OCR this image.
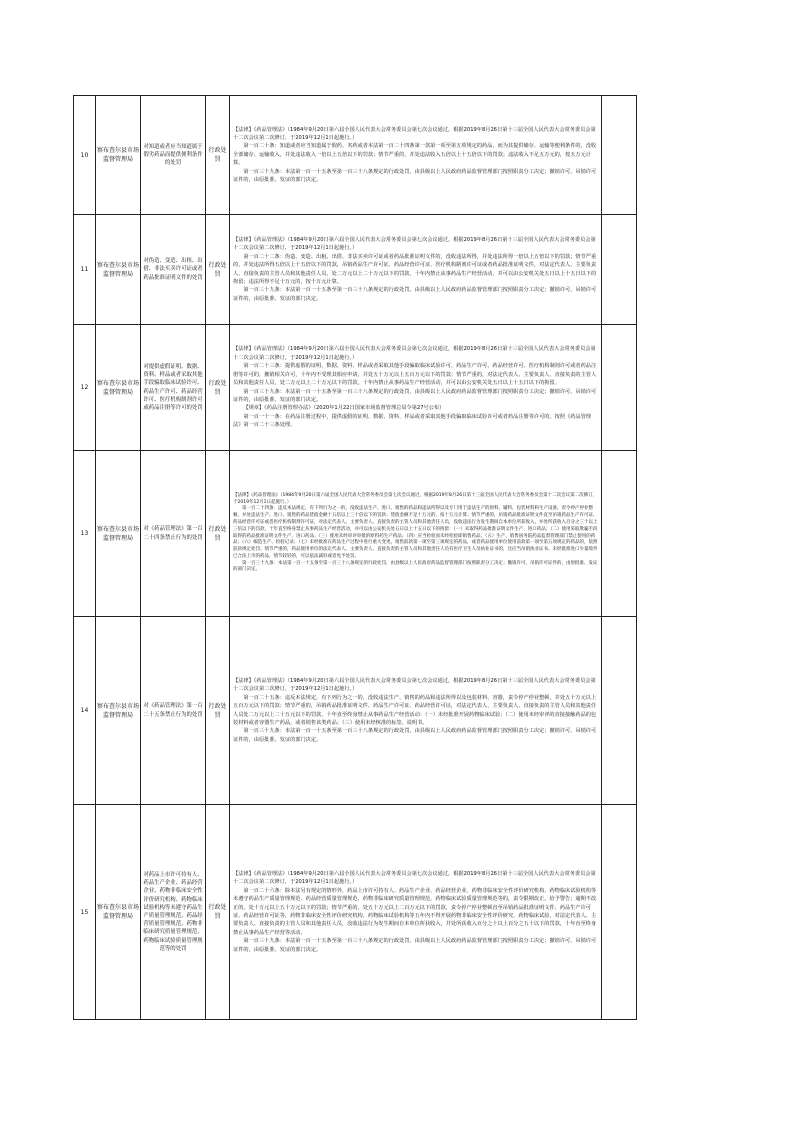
10	察布查尔县市场监督管理局	对知道或者应当知道属于假劣药品而提供便利条件的处罚	行政处罚	【法律】《药品管理法》（1984年9月20日第六届全国人民代表大会常务委员会第七次会议通过，根据2019年8月26日第十三届全国人民代表大会常务委员会第十二次会议第二次修订，于2019年12月1日起施行。）

第一百二十条：知道或者应当知道属于假药、劣药或者本法第一百二十四条第一款第一项至第五项规定的药品，而为其提供储存、运输等便利条件的，没收全部储存、运输收入，并处违法收入一倍以上五倍以下的罚款；情节严重的，并处违法收入五倍以上十五倍以下的罚款；违法收入不足五万元的，按五万元计算。

第一百三十九条：本法第一百一十五条至第一百三十八条规定的行政处罚，由县级以上人民政府药品监督管理部门按照职责分工决定；撤销许可、吊销许可证件的，由原批准、发证的部门决定。	

11	察布查尔县市场监督管理局	对伪造、变造、出租、出借、非法买卖许可证或者药品批准证明文件的处罚	行政处罚	【法律】《药品管理法》（1984年9月20日第六届全国人民代表大会常务委员会第七次会议通过，根据2019年8月26日第十三届全国人民代表大会常务委员会第十二次会议第二次修订，于2019年12月1日起施行。）

第一百二十二条：伪造、变造、出租、出借、非法买卖许可证或者药品批准证明文件的，没收违法所得，并处违法所得一倍以上五倍以下的罚款；情节严重的，并处违法所得五倍以上十五倍以下的罚款，吊销药品生产许可证、药品经营许可证、医疗机构制剂许可证或者药品批准证明文件，对法定代表人、主要负责人、直接负责的主管人员和其他责任人员，处二万元以上二十万元以下的罚款，十年内禁止从事药品生产经营活动，并可以由公安机关处五日以上十五日以下的拘留；违法所得不足十万元的，按十万元计算。

第一百三十九条：本法第一百一十五条至第一百三十八条规定的行政处罚，由县级以上人民政府药品监督管理部门按照职责分工决定；撤销许可、吊销许可证件的，由原批准、发证的部门决定。	

12	察布查尔县市场监督管理局	对提供虚假证明、数据、资料、样品或者采取其他手段骗取临床试验许可、药品生产许可、药品经营许可、医疗机构制剂许可或药品注册等许可的处罚	行政处罚	【法律】《药品管理法》（1984年9月20日第六届全国人民代表大会常务委员会第七次会议通过，根据2019年8月26日第十三届全国人民代表大会常务委员会第十二次会议第二次修订，于2019年12月1日起施行。）

第一百二十三条：提供虚假的证明、数据、资料、样品或者采取其他手段骗取临床试验许可、药品生产许可、药品经营许可、医疗机构制剂许可或者药品注册等许可的，撤销相关许可，十年内不受理其相应申请，并处五十万元以上五百万元以下的罚款；情节严重的，对法定代表人、主要负责人、直接负责的主管人员和其他责任人员，处二万元以上二十万元以下的罚款，十年内禁止从事药品生产经营活动，并可以由公安机关处五日以上十五日以下的拘留。

第一百三十九条：本法第一百一十五条至第一百三十八条规定的行政处罚，由县级以上人民政府药品监督管理部门按照职责分工决定；撤销许可、吊销许可证件的，由原批准、发证的部门决定。

【规章】《药品注册管理办法》（2020年1月22日国家市场监督管理总局令第27号公布）

第一百一十一条：在药品注册过程中，提供虚假的证明、数据、资料、样品或者采取其他手段骗取临床试验许可或者药品注册等许可的，按照《药品管理法》第一百二十三条处理。	

13	察布查尔县市场监督管理局	对《药品管理法》第一百二十四条禁止行为的处罚	行政处罚	【法律】《药品管理法》（1984年9月20日第六届全国人民代表大会常务委员会第七次会议通过，根据2019年8月26日第十三届全国人民代表大会常务委员会第十二次会议第二次修订，于2019年12月1日起施行。）

第一百二十四条：违反本法规定，有下列行为之一的，没收违法生产、进口、销售的药品和违法所得以及专门用于违法生产的原料、辅料、包装材料和生产设备，责令停产停业整顿，并处违法生产、进口、销售的药品货值金额十五倍以上三十倍以下的罚款；货值金额不足十万元的，按十万元计算；情节严重的，吊销药品批准证明文件直至吊销药品生产许可证、药品经营许可证或者医疗机构制剂许可证，对法定代表人、主要负责人、直接负责的主管人员和其他责任人员，没收违法行为发生期间自本单位所获收入，并处所获收入百分之三十以上三倍以下的罚款，十年直至终身禁止从事药品生产经营活动，并可以由公安机关处五日以上十五日以下的拘留：（一）未取得药品批准证明文件生产、进口药品；（二）使用采取欺骗手段取得的药品批准证明文件生产、进口药品；（三）使用未经审评审批的原料药生产药品；（四）应当检验而未经检验即销售药品；（五）生产、销售国务院药品监督管理部门禁止使用的药品；（六）编造生产、检验记录；（七）未经批准在药品生产过程中进行重大变更。销售前款第一项至第三项规定的药品，或者药品使用单位使用前款第一项至第五项规定的药品的，依照前款规定处罚；情节严重的，药品使用单位的法定代表人、主要负责人、直接负责的主管人员和其他责任人员有医疗卫生人员执业证书的，还应当吊销执业证书。未经批准进口少量境外已合法上市的药品，情节较轻的，可以依法减轻或者免予处罚。

第一百三十九条：本法第一百一十五条至第一百三十八条规定的行政处罚，由县级以上人民政府药品监督管理部门按照职责分工决定；撤销许可、吊销许可证件的，由原批准、发证的部门决定。	

14	察布查尔县市场监督管理局	对《药品管理法》第一百二十五条禁止行为的处罚	行政处罚	【法律】《药品管理法》（1984年9月20日第六届全国人民代表大会常务委员会第七次会议通过，根据2019年8月26日第十三届全国人民代表大会常务委员会第十二次会议第二次修订，于2019年12月1日起施行。）

第一百二十五条：违反本法规定，有下列行为之一的，没收违法生产、销售的药品和违法所得以及包装材料、容器，责令停产停业整顿，并处五十万元以上五百万元以下的罚款；情节严重的，吊销药品批准证明文件、药品生产许可证、药品经营许可证，对法定代表人、主要负责人、直接负责的主管人员和其他责任人员处二万元以上二十万元以下的罚款，十年直至终身禁止从事药品生产经营活动：（一）未经批准开展药物临床试验；（二）使用未经审评的直接接触药品的包装材料或者容器生产药品，或者销售该类药品；（三）使用未经核准的标签、说明书。

第一百三十九条：本法第一百一十五条至第一百三十八条规定的行政处罚，由县级以上人民政府药品监督管理部门按照职责分工决定；撤销许可、吊销许可证件的，由原批准、发证的部门决定。	

15	察布查尔县市场监督管理局	对药品上市许可持有人、药品生产企业、药品经营企业、药物非临床安全性评价研究机构、药物临床试验机构等未遵守药品生产质量管理规范、药品经营质量管理规范、药物非临床研究质量管理规范、药物临床试验质量管理规范等的处罚	行政处罚	【法律】《药品管理法》（1984年9月20日第六届全国人民代表大会常务委员会第七次会议通过，根据2019年8月26日第十三届全国人民代表大会常务委员会第十二次会议第二次修订，于2019年12月1日起施行。）

第一百二十六条：除本法另有规定的情形外，药品上市许可持有人、药品生产企业、药品经营企业、药物非临床安全性评价研究机构、药物临床试验机构等未遵守药品生产质量管理规范、药品经营质量管理规范、药物非临床研究质量管理规范、药物临床试验质量管理规范等的，责令限期改正，给予警告；逾期不改正的，处十万元以上五十万元以下的罚款；情节严重的，处五十万元以上二百万元以下的罚款，责令停产停业整顿直至吊销药品批准证明文件、药品生产许可证、药品经营许可证等，药物非临床安全性评价研究机构、药物临床试验机构等五年内不得开展药物非临床安全性评价研究、药物临床试验，对法定代表人、主要负责人、直接负责的主管人员和其他责任人员，没收违法行为发生期间自本单位所获收入，并处所获收入百分之十以上百分之五十以下的罚款，十年直至终身禁止从事药品生产经营等活动。

第一百三十九条：本法第一百一十五条至第一百三十八条规定的行政处罚，由县级以上人民政府药品监督管理部门按照职责分工决定；撤销许可、吊销许可证件的，由原批准、发证的部门决定。	
